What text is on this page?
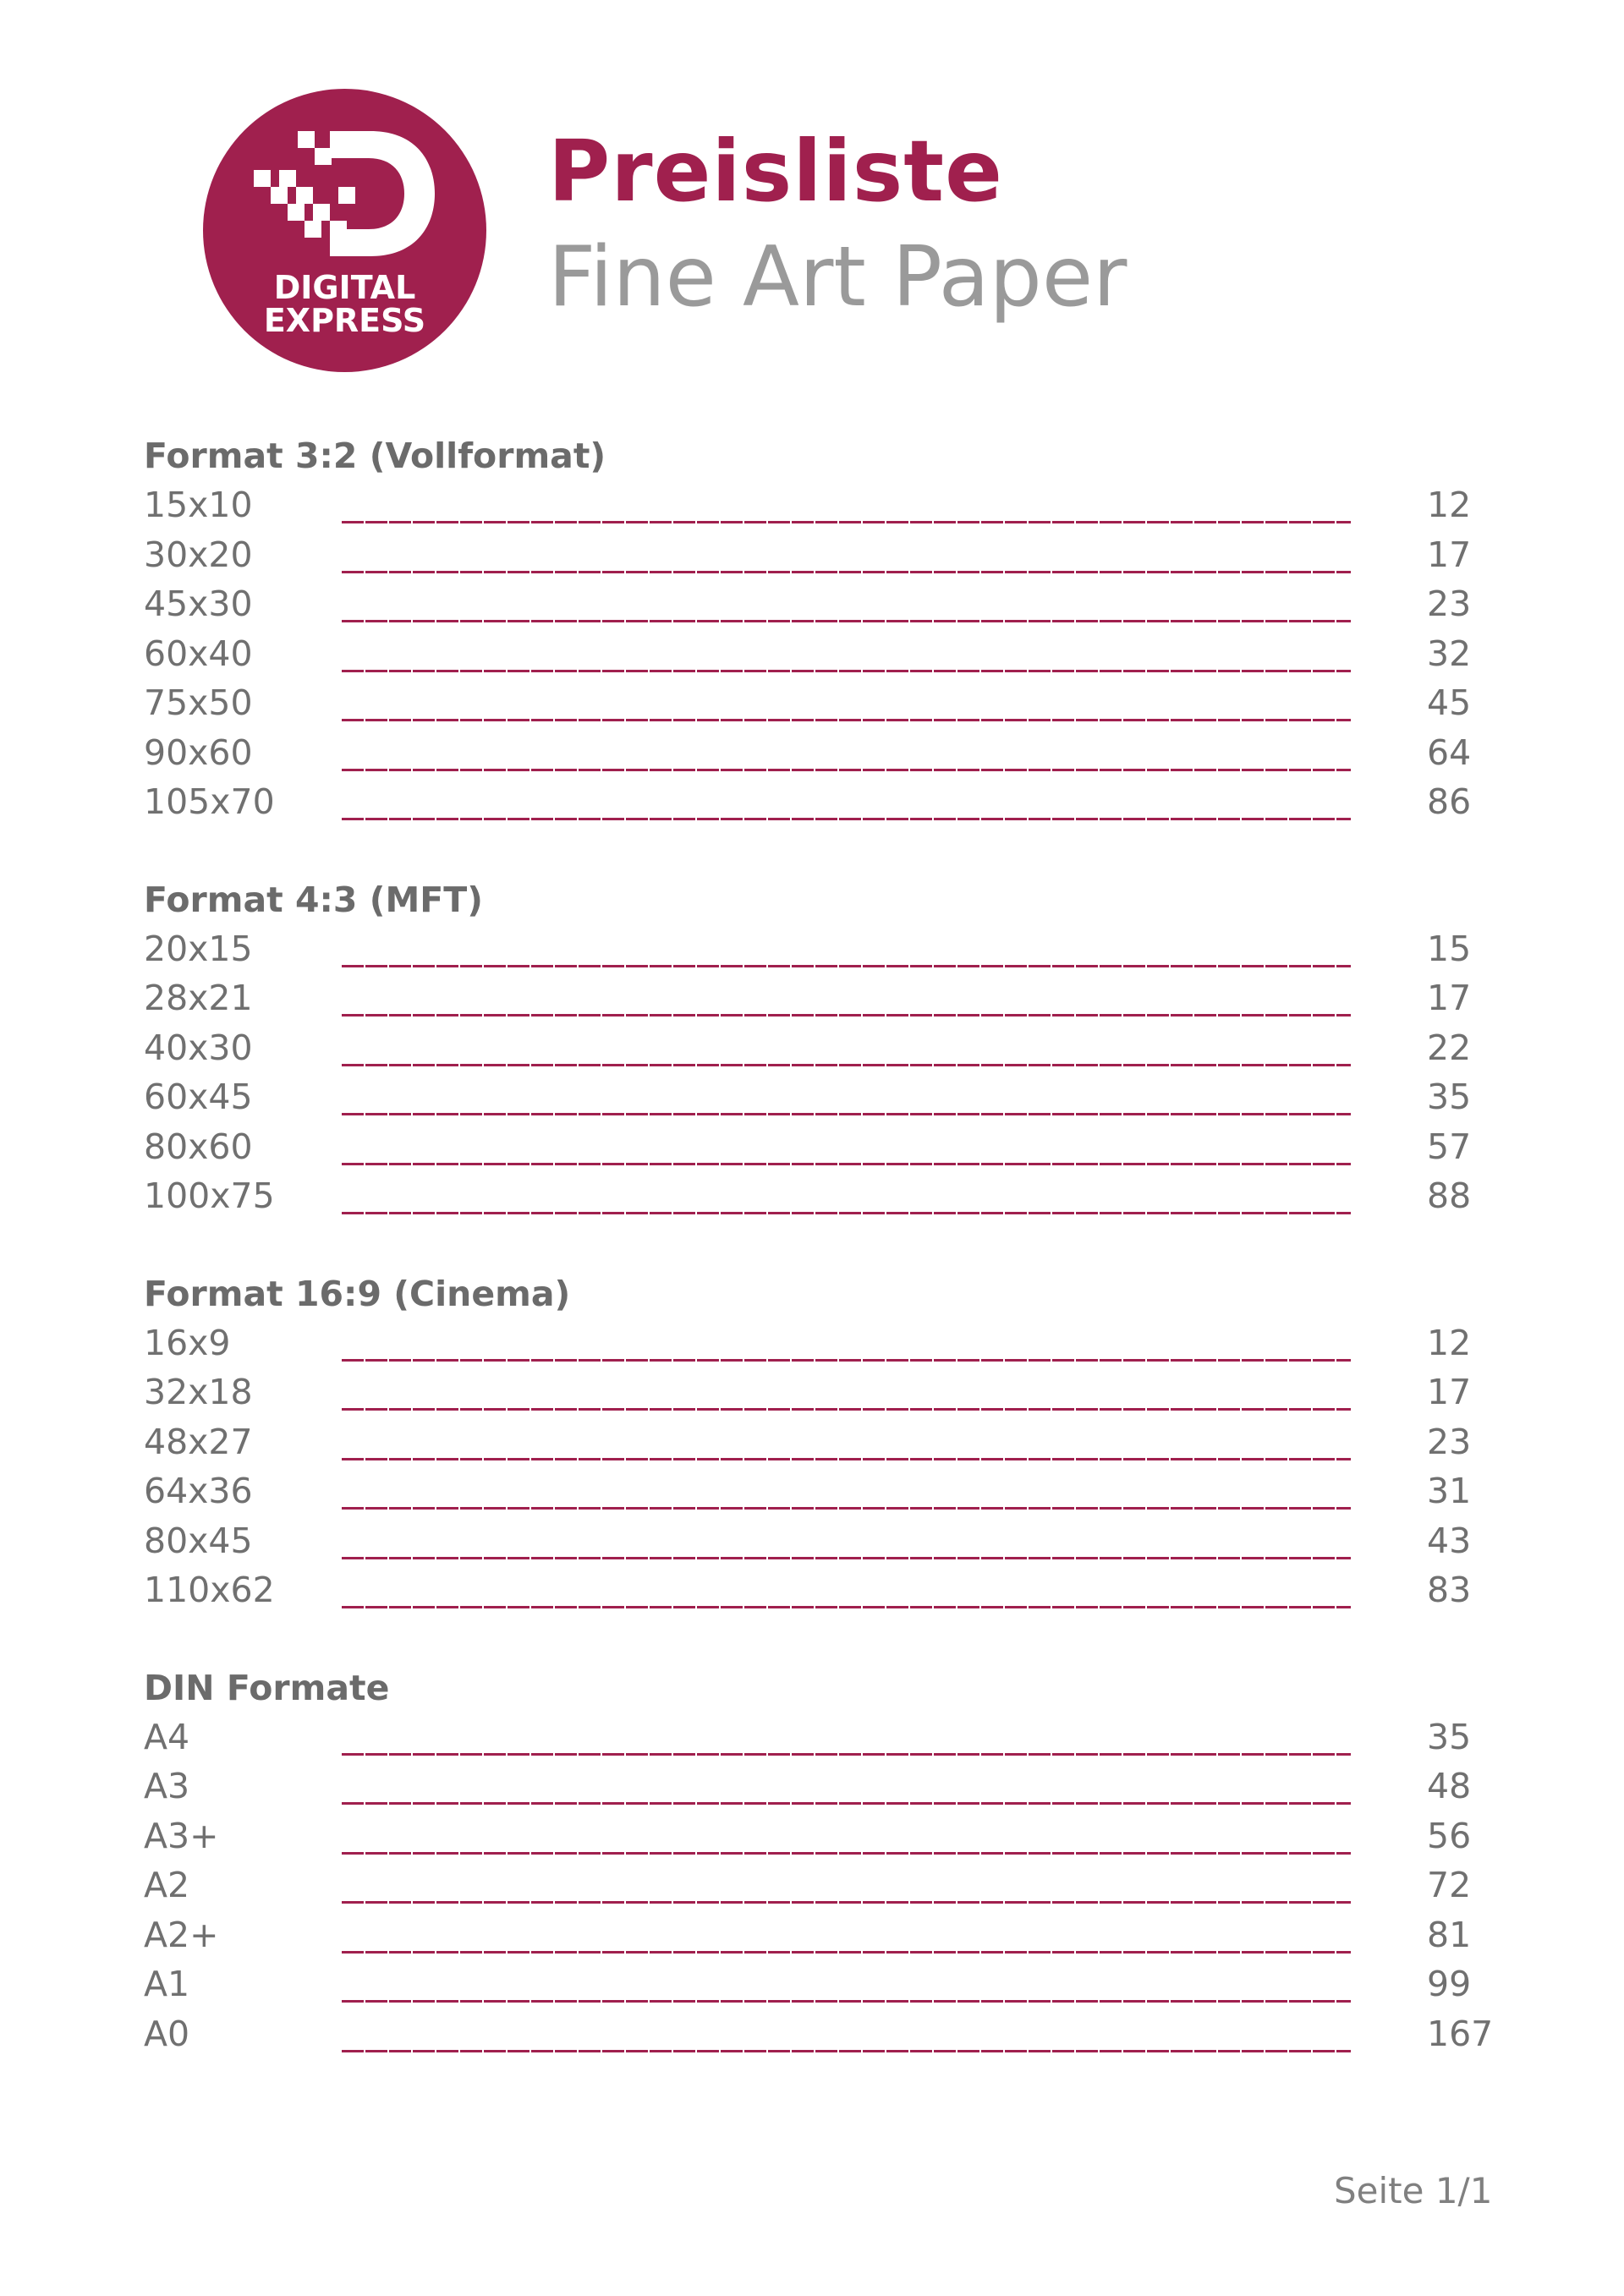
DIGITAL
EXPRESS
Preisliste
Fine Art Paper
Format 3:2 (Vollformat)
15x10	12
30x20	17
45x30	23
60x40	32
75x50	45
90x60	64
105x70	86
Format 4:3 (MFT)
20x15	15
28x21	17
40x30	22
60x45	35
80x60	57
100x75	88
Format 16:9 (Cinema)
16x9	12
32x18	17
48x27	23
64x36	31
80x45	43
110x62	83
DIN Formate
A4	35
A3	48
A3+	56
A2	72
A2+	81
A1	99
A0	167
Seite 1/1
